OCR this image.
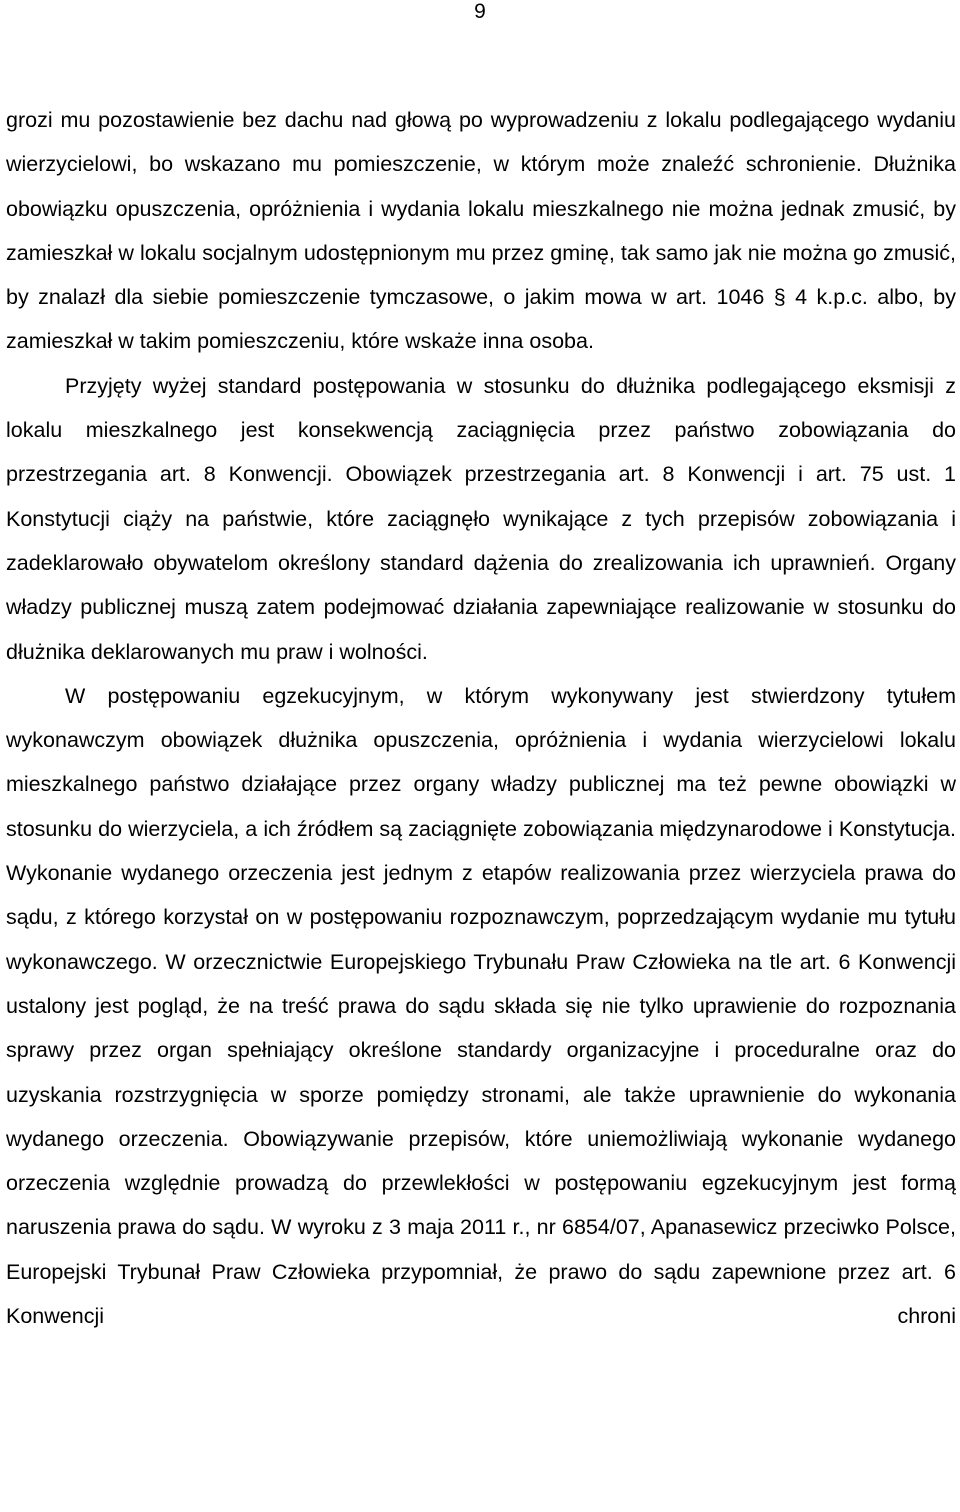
9

grozi mu pozostawienie bez dachu nad głową po wyprowadzeniu z lokalu podlegającego wydaniu wierzycielowi, bo wskazano mu pomieszczenie, w którym może znaleźć schronienie. Dłużnika obowiązku opuszczenia, opróżnienia i wydania lokalu mieszkalnego nie można jednak zmusić, by zamieszkał w lokalu socjalnym udostępnionym mu przez gminę, tak samo jak nie można go zmusić, by znalazł dla siebie pomieszczenie tymczasowe, o jakim mowa w art. 1046 § 4 k.p.c. albo, by zamieszkał w takim pomieszczeniu, które wskaże inna osoba.

Przyjęty wyżej standard postępowania w stosunku do dłużnika podlegającego eksmisji z lokalu mieszkalnego jest konsekwencją zaciągnięcia przez państwo zobowiązania do przestrzegania art. 8 Konwencji. Obowiązek przestrzegania art. 8 Konwencji i art. 75 ust. 1 Konstytucji ciąży na państwie, które zaciągnęło wynikające z tych przepisów zobowiązania i zadeklarowało obywatelom określony standard dążenia do zrealizowania ich uprawnień. Organy władzy publicznej muszą zatem podejmować działania zapewniające realizowanie w stosunku do dłużnika deklarowanych mu praw i wolności.

W postępowaniu egzekucyjnym, w którym wykonywany jest stwierdzony tytułem wykonawczym obowiązek dłużnika opuszczenia, opróżnienia i wydania wierzycielowi lokalu mieszkalnego państwo działające przez organy władzy publicznej ma też pewne obowiązki w stosunku do wierzyciela, a ich źródłem są zaciągnięte zobowiązania międzynarodowe i Konstytucja. Wykonanie wydanego orzeczenia jest jednym z etapów realizowania przez wierzyciela prawa do sądu, z którego korzystał on w postępowaniu rozpoznawczym, poprzedzającym wydanie mu tytułu wykonawczego. W orzecznictwie Europejskiego Trybunału Praw Człowieka na tle art. 6 Konwencji ustalony jest pogląd, że na treść prawa do sądu składa się nie tylko uprawienie do rozpoznania sprawy przez organ spełniający określone standardy organizacyjne i proceduralne oraz do uzyskania rozstrzygnięcia w sporze pomiędzy stronami, ale także uprawnienie do wykonania wydanego orzeczenia. Obowiązywanie przepisów, które uniemożliwiają wykonanie wydanego orzeczenia względnie prowadzą do przewlekłości w postępowaniu egzekucyjnym jest formą naruszenia prawa do sądu. W wyroku z 3 maja 2011 r., nr 6854/07, Apanasewicz przeciwko Polsce, Europejski Trybunał Praw Człowieka przypomniał, że prawo do sądu zapewnione przez art. 6 Konwencji chroni
